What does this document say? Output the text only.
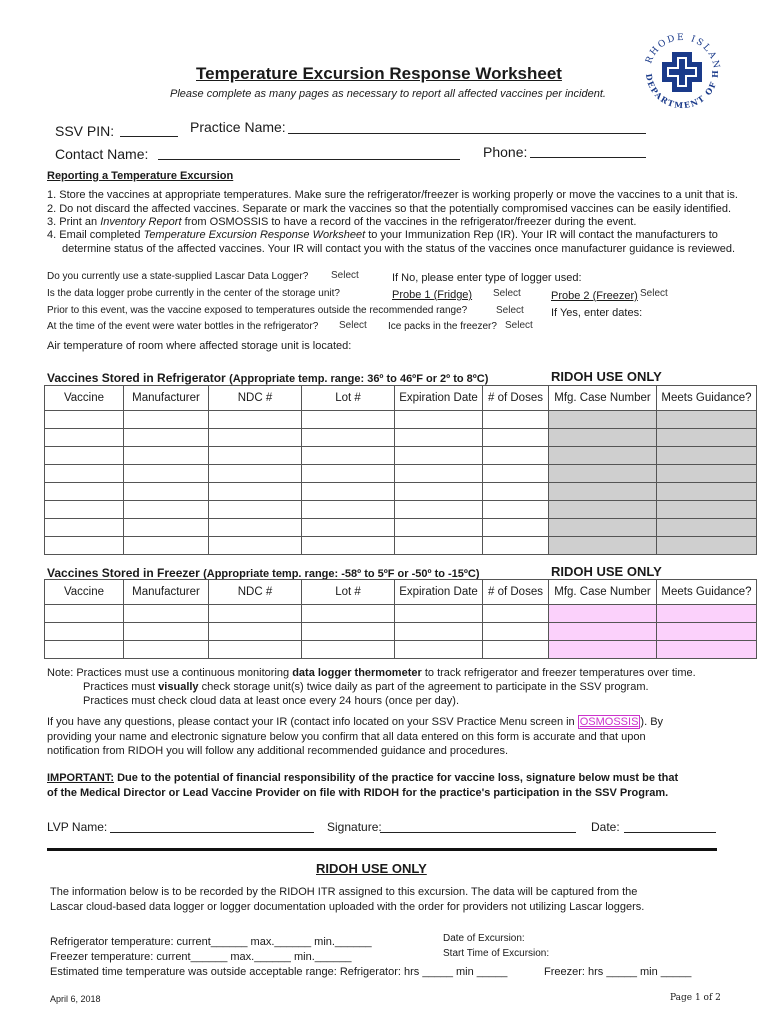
RHODE ISLAN
DEPARTMENT OF H
Temperature Excursion Response Worksheet
Please complete as many pages as necessary to report all affected vaccines per incident.
SSV PIN:	Practice Name:
Contact Name:	Phone:
Reporting a Temperature Excursion
1. Store the vaccines at appropriate temperatures. Make sure the refrigerator/freezer is working properly or move the vaccines to a unit that is.
2. Do not discard the affected vaccines. Separate or mark the vaccines so that the potentially compromised vaccines can be easily identified.
3. Print an Inventory Report from OSMOSSIS to have a record of the vaccines in the refrigerator/freezer during the event.
4. Email completed Temperature Excursion Response Worksheet to your Immunization Rep (IR). Your IR will contact the manufacturers to
determine status of the affected vaccines. Your IR will contact you with the status of the vaccines once manufacturer guidance is reviewed.
Do you currently use a state-supplied Lascar Data Logger? Select	If No, please enter type of logger used:
Is the data logger probe currently in the center of the storage unit?	Probe 1 (Fridge) Select	Probe 2 (Freezer) Select
Prior to this event, was the vaccine exposed to temperatures outside the recommended range?	Select If Yes, enter dates:
At the time of the event were water bottles in the refrigerator? Select Ice packs in the freezer? Select
Air temperature of room where affected storage unit is located:
Vaccines Stored in Refrigerator (Appropriate temp. range: 36º to 46ºF or 2º to 8ºC)	RIDOH USE ONLY
Vaccine	Manufacturer	NDC #	Lot #	Expiration Date	# of Doses	Mfg. Case Number	Meets Guidance?

Vaccines Stored in Freezer (Appropriate temp. range: -58º to 5ºF or -50º to -15ºC)	RIDOH USE ONLY
Vaccine	Manufacturer	NDC #	Lot #	Expiration Date	# of Doses	Mfg. Case Number	Meets Guidance?

Note: Practices must use a continuous monitoring data logger thermometer to track refrigerator and freezer temperatures over time.
Practices must visually check storage unit(s) twice daily as part of the agreement to participate in the SSV program.
Practices must check cloud data at least once every 24 hours (once per day).
If you have any questions, please contact your IR (contact info located on your SSV Practice Menu screen in OSMOSSIS ). By
providing your name and electronic signature below you confirm that all data entered on this form is accurate and that upon
notification from RIDOH you will follow any additional recommended guidance and procedures.
IMPORTANT: Due to the potential of financial responsibility of the practice for vaccine loss, signature below must be that
of the Medical Director or Lead Vaccine Provider on file with RIDOH for the practice's participation in the SSV Program.
LVP Name:	Signature:	Date:
RIDOH USE ONLY
The information below is to be recorded by the RIDOH ITR assigned to this excursion. The data will be captured from the
Lascar cloud-based data logger or logger documentation uploaded with the order for providers not utilizing Lascar loggers.
Refrigerator temperature: current______ max.______ min.______	Date of Excursion:
Freezer temperature: current______ max.______ min.______	Start Time of Excursion:
Estimated time temperature was outside acceptable range: Refrigerator: hrs _____ min _____	Freezer: hrs _____ min _____
April 6, 2018	Page 1 of 2
